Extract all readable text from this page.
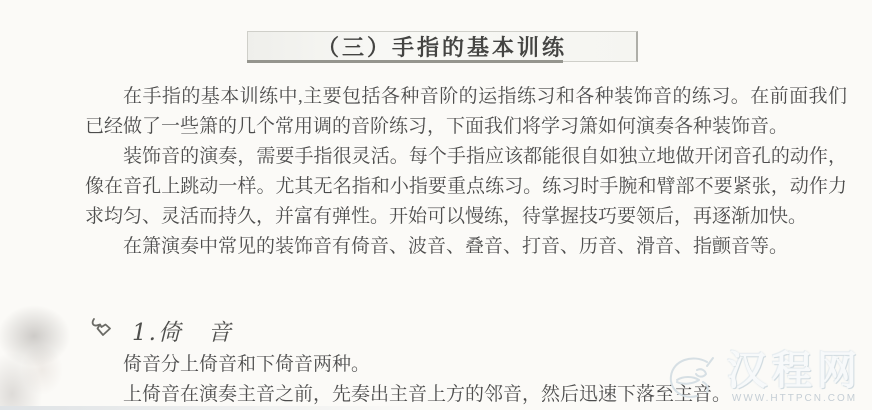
（三）手指的基本训练

在手指的基本训练中,主要包括各种音阶的运指练习和各种装饰音的练习。在前面我们已经做了一些箫的几个常用调的音阶练习，下面我们将学习箫如何演奏各种装饰音。

装饰音的演奏，需要手指很灵活。每个手指应该都能很自如独立地做开闭音孔的动作，像在音孔上跳动一样。尤其无名指和小指要重点练习。练习时手腕和臂部不要紧张，动作力求均匀、灵活而持久，并富有弹性。开始可以慢练，待掌握技巧要领后，再逐渐加快。

在箫演奏中常见的装饰音有倚音、波音、叠音、打音、历音、滑音、指颤音等。

1.倚　音

倚音分上倚音和下倚音两种。

上倚音在演奏主音之前，先奏出主音上方的邻音，然后迅速下落至主音。

汉程网
WWW.HTTPCN.COM
